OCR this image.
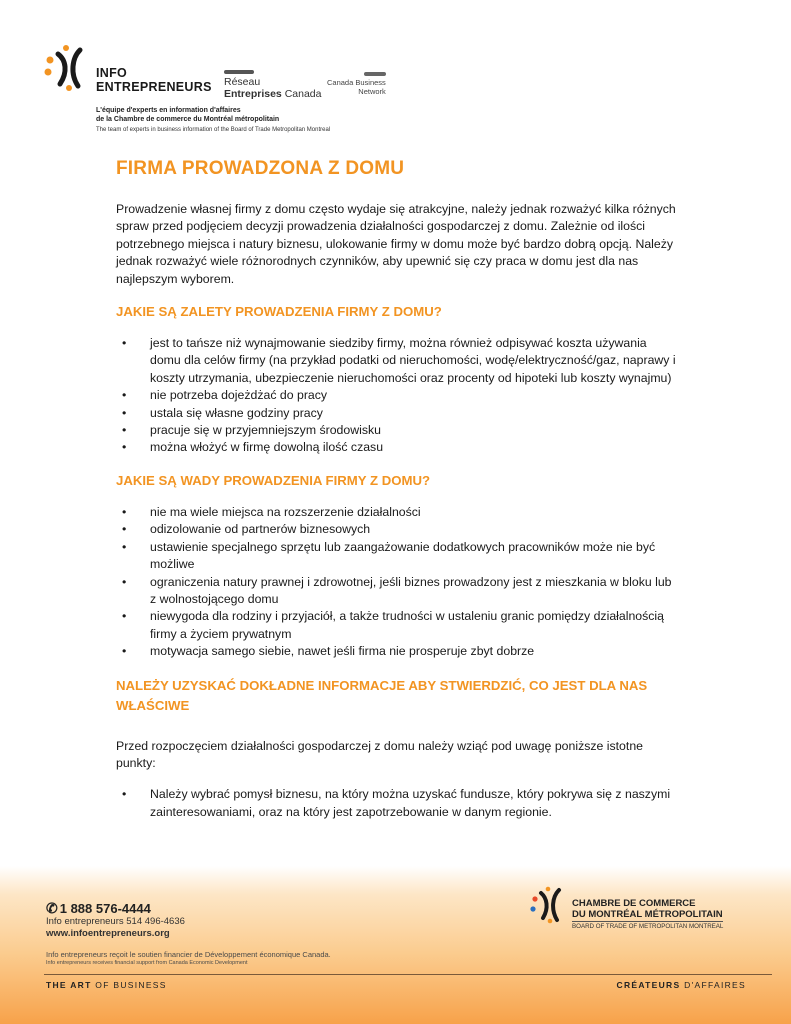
INFO
ENTREPRENEURS Réseau
Entreprises Canada
Canada Business
Network
L'équipe d'experts en information d'affaires
de la Chambre de commerce du Montréal métropolitain
The team of experts in business information of the Board of Trade Metropolitan Montreal
FIRMA PROWADZONA Z DOMU

Prowadzenie własnej firmy z domu często wydaje się atrakcyjne, należy jednak rozważyć kilka różnych spraw przed podjęciem decyzji prowadzenia działalności gospodarczej z domu. Zależnie od ilości potrzebnego miejsca i natury biznesu, ulokowanie firmy w domu może być bardzo dobrą opcją. Należy jednak rozważyć wiele różnorodnych czynników, aby upewnić się czy praca w domu jest dla nas najlepszym wyborem.

JAKIE SĄ ZALETY PROWADZENIA FIRMY Z DOMU?
• jest to tańsze niż wynajmowanie siedziby firmy, można również odpisywać koszta używania domu dla celów firmy (na przykład podatki od nieruchomości, wodę/elektryczność/gaz, naprawy i koszty utrzymania, ubezpieczenie nieruchomości oraz procenty od hipoteki lub koszty wynajmu)
• nie potrzeba dojeżdżać do pracy
• ustala się własne godziny pracy
• pracuje się w przyjemniejszym środowisku
• można włożyć w firmę dowolną ilość czasu
JAKIE SĄ WADY PROWADZENIA FIRMY Z DOMU?
• nie ma wiele miejsca na rozszerzenie działalności
• odizolowanie od partnerów biznesowych
• ustawienie specjalnego sprzętu lub zaangażowanie dodatkowych pracowników może nie być możliwe
• ograniczenia natury prawnej i zdrowotnej, jeśli biznes prowadzony jest z mieszkania w bloku lub z wolnostojącego domu
• niewygoda dla rodziny i przyjaciół, a także trudności w ustaleniu granic pomiędzy działalnością firmy a życiem prywatnym
• motywacja samego siebie, nawet jeśli firma nie prosperuje zbyt dobrze
NALEŻY UZYSKAĆ DOKŁADNE INFORMACJE ABY STWIERDZIĆ, CO JEST DLA NAS WŁAŚCIWE

Przed rozpoczęciem działalności gospodarczej z domu należy wziąć pod uwagę poniższe istotne punkty:

• Należy wybrać pomysł biznesu, na który można uzyskać fundusze, który pokrywa się z naszymi zainteresowaniami, oraz na który jest zapotrzebowanie w danym regionie.
✆ 1 888 576-4444
Info entrepreneurs 514 496-4636
www.infoentrepreneurs.org
Info entrepreneurs reçoit le soutien financier de Développement économique Canada.
Info entrepreneurs receives financial support from Canada Economic Development
CHAMBRE DE COMMERCE
DU MONTRÉAL MÉTROPOLITAIN
BOARD OF TRADE OF METROPOLITAN MONTREAL
THE ART OF BUSINESS	CRÉATEURS D'AFFAIRES
